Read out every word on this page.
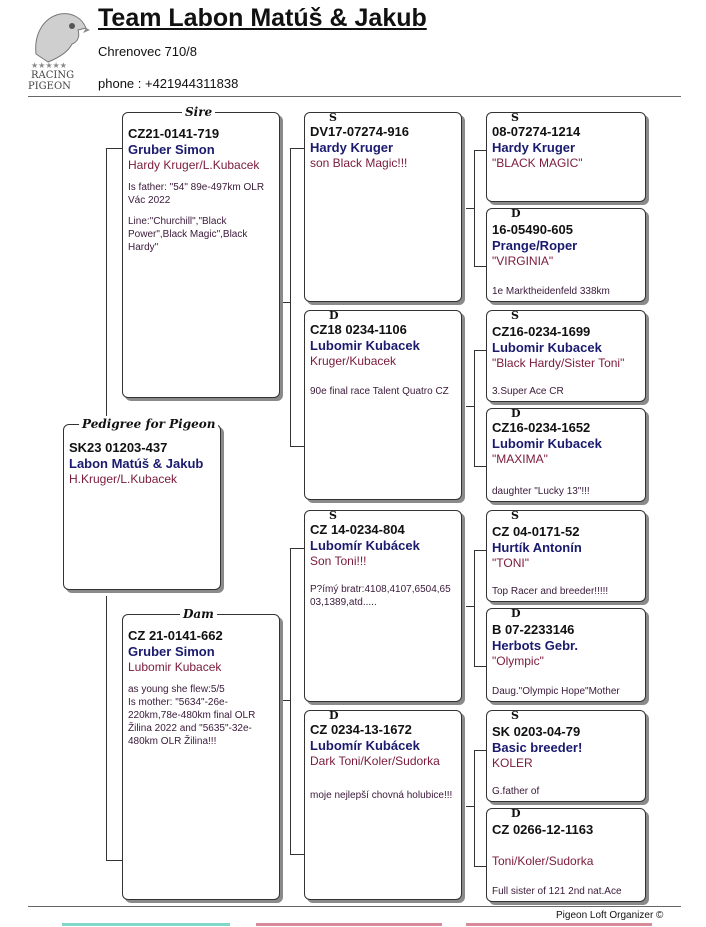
★★★★★
RACING
PIGEON
Team Labon Matúš & Jakub
Chrenovec 710/8
phone : +421944311838
SK23 01203-437
Labon Matúš & Jakub
H.Kruger/L.Kubacek
Pedigree for Pigeon
CZ21-0141-719
Gruber Simon
Hardy Kruger/L.Kubacek
Is father: "54" 89e-497km OLR Vác 2022
Line:"Churchill","Black Power",Black Magic",Black Hardy"
Sire
CZ 21-0141-662
Gruber Simon
Lubomir Kubacek
as young she flew:5/5
Is mother: "5634"-26e-220km,78e-480km final OLR Žilina 2022 and "5635"-32e-480km OLR Žilina!!!
Dam
S
DV17-07274-916
Hardy Kruger
son Black Magic!!!
D
CZ18 0234-1106
Lubomir Kubacek
Kruger/Kubacek
90e final race Talent Quatro CZ
S
CZ 14-0234-804
Lubomír Kubácek
Son Toni!!!
P?ímý bratr:4108,4107,6504,6503,1389,atd.....
D
CZ 0234-13-1672
Lubomír Kubácek
Dark Toni/Koler/Sudorka
moje nejlepší chovná holubice!!!
S
08-07274-1214
Hardy Kruger
"BLACK MAGIC"
D
16-05490-605
Prange/Roper
"VIRGINIA"
1e Marktheidenfeld 338km
S
CZ16-0234-1699
Lubomir Kubacek
"Black Hardy/Sister Toni"
3.Super Ace CR
D
CZ16-0234-1652
Lubomir Kubacek
"MAXIMA"
daughter "Lucky 13"!!!
S
CZ 04-0171-52
Hurtík Antonín
"TONI"
Top Racer and breeder!!!!!
D
B 07-2233146
Herbots Gebr.
"Olympic"
Daug."Olympic Hope"Mother
S
SK 0203-04-79
Basic breeder!
KOLER
G.father of
D
CZ 0266-12-1163
Toni/Koler/Sudorka
Full sister of 121 2nd nat.Ace
Pigeon Loft Organizer ©
